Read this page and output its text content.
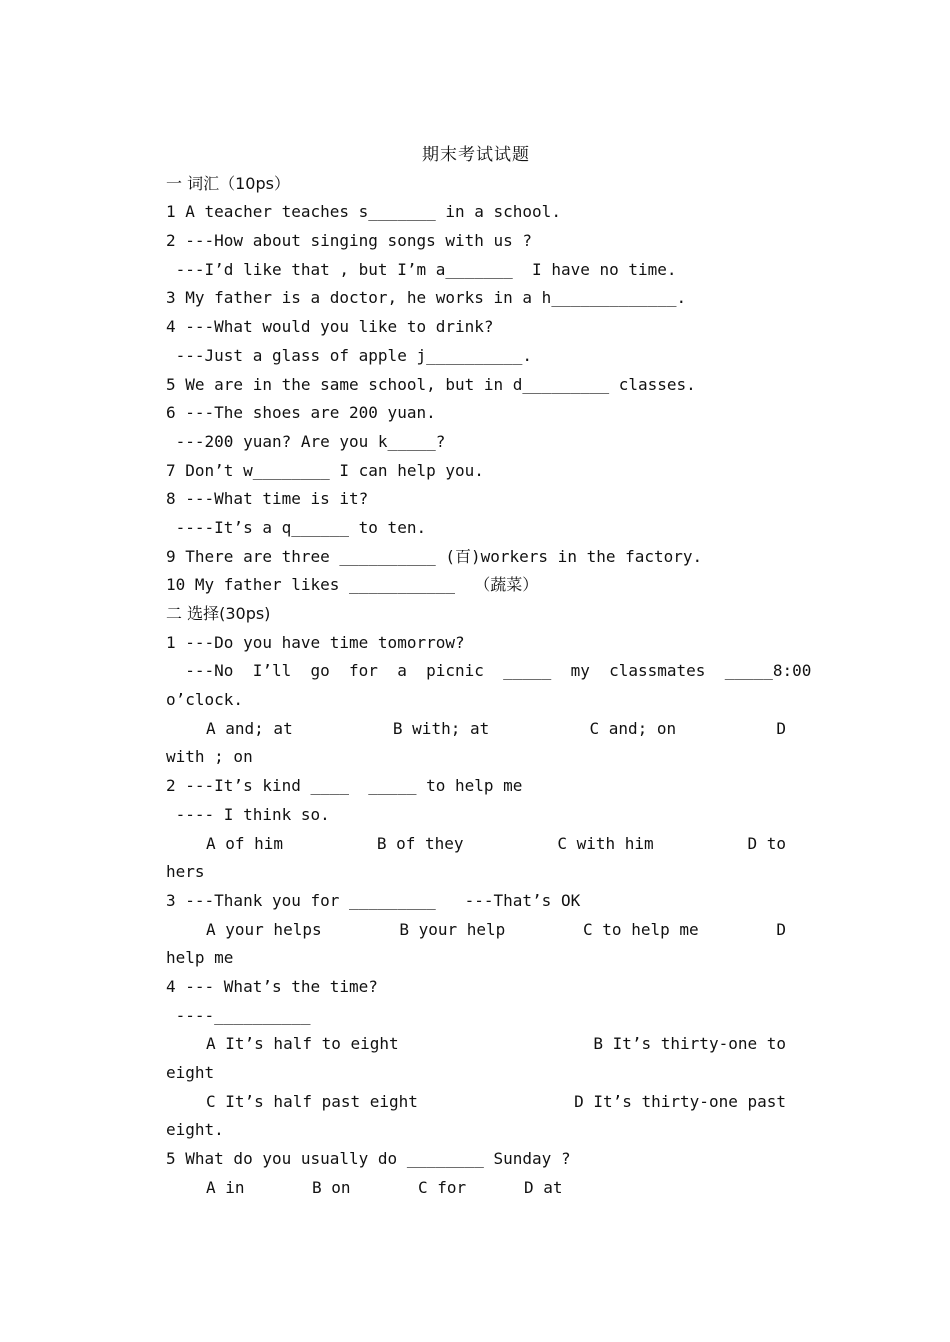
期末考试试题
一 词汇（10ps）
1 A teacher teaches s_______ in a school.
2 ---How about singing songs with us ?
---I’d like that , but I’m a_______  I have no time.
3 My father is a doctor, he works in a h_____________.
4 ---What would you like to drink?
---Just a glass of apple j__________.
5 We are in the same school, but in d_________ classes.
6 ---The shoes are 200 yuan.
---200 yuan? Are you k_____?
7 Don’t w________ I can help you.
8 ---What time is it?
----It’s a q______ to ten.
9 There are three __________ (百)workers in the factory.
10 My father likes ___________  （蔬菜）
二 选择(30ps)
1 ---Do you have time tomorrow?
---No  I’ll  go  for  a  picnic  _____  my  classmates  _____8:00
o’clock.
A and; at	B with; at	C and; on	D
with ; on
2 ---It’s kind ____  _____ to help me
---- I think so.
A of him	B of they	C with him	D to
hers
3 ---Thank you for _________   ---That’s OK
A your helps	B your help	C to help me	D
help me
4 --- What’s the time?
----__________
A It’s half to eight	B It’s thirty-one to
eight
C It’s half past eight	D It’s thirty-one past
eight.
5 What do you usually do ________ Sunday ?
A in	B on	C for	D at
